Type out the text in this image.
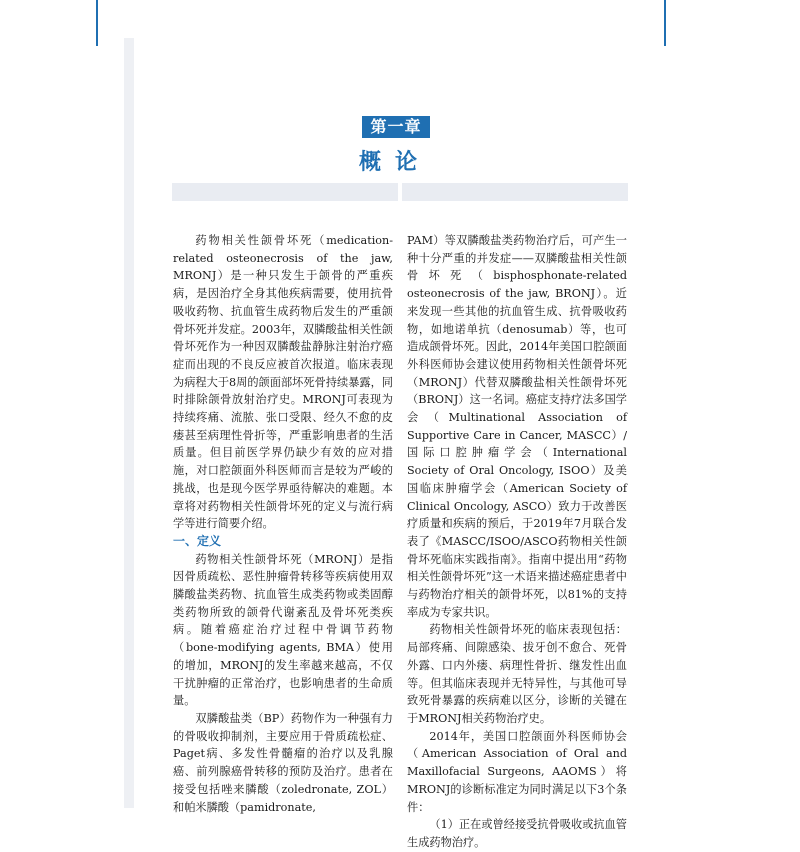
第一章
概论

药物相关性颌骨坏死（medication-related osteonecrosis of the jaw, MRONJ）是一种只发生于颌骨的严重疾病，是因治疗全身其他疾病需要，使用抗骨吸收药物、抗血管生成药物后发生的严重颌骨坏死并发症。2003年，双膦酸盐相关性颌骨坏死作为一种因双膦酸盐静脉注射治疗癌症而出现的不良反应被首次报道。临床表现为病程大于8周的颌面部坏死骨持续暴露，同时排除颌骨放射治疗史。MRONJ可表现为持续疼痛、流脓、张口受限、经久不愈的皮瘘甚至病理性骨折等，严重影响患者的生活质量。但目前医学界仍缺少有效的应对措施，对口腔颌面外科医师而言是较为严峻的挑战，也是现今医学界亟待解决的难题。本章将对药物相关性颌骨坏死的定义与流行病学等进行简要介绍。

一、定义

药物相关性颌骨坏死（MRONJ）是指因骨质疏松、恶性肿瘤骨转移等疾病使用双膦酸盐类药物、抗血管生成类药物或类固醇类药物所致的颌骨代谢紊乱及骨坏死类疾病。随着癌症治疗过程中骨调节药物（bone-modifying agents, BMA）使用的增加，MRONJ的发生率越来越高，不仅干扰肿瘤的正常治疗，也影响患者的生命质量。

双膦酸盐类（BP）药物作为一种强有力的骨吸收抑制剂，主要应用于骨质疏松症、Paget病、多发性骨髓瘤的治疗以及乳腺癌、前列腺癌骨转移的预防及治疗。患者在接受包括唑来膦酸（zoledronate, ZOL）和帕米膦酸（pamidronate,

PAM）等双膦酸盐类药物治疗后，可产生一种十分严重的并发症——双膦酸盐相关性颌骨坏死（bisphosphonate-related osteonecrosis of the jaw, BRONJ）。近来发现一些其他的抗血管生成、抗骨吸收药物，如地诺单抗（denosumab）等，也可造成颌骨坏死。因此，2014年美国口腔颌面外科医师协会建议使用药物相关性颌骨坏死（MRONJ）代替双膦酸盐相关性颌骨坏死（BRONJ）这一名词。癌症支持疗法多国学会（Multinational Association of Supportive Care in Cancer, MASCC）/国际口腔肿瘤学会（International Society of Oral Oncology, ISOO）及美国临床肿瘤学会（American Society of Clinical Oncology, ASCO）致力于改善医疗质量和疾病的预后，于2019年7月联合发表了《MASCC/ISOO/ASCO药物相关性颌骨坏死临床实践指南》。指南中提出用“药物相关性颌骨坏死”这一术语来描述癌症患者中与药物治疗相关的颌骨坏死，以81%的支持率成为专家共识。

药物相关性颌骨坏死的临床表现包括：局部疼痛、间隙感染、拔牙创不愈合、死骨外露、口内外瘘、病理性骨折、继发性出血等。但其临床表现并无特异性，与其他可导致死骨暴露的疾病难以区分，诊断的关键在于MRONJ相关药物治疗史。

2014年，美国口腔颌面外科医师协会（American Association of Oral and Maxillofacial Surgeons, AAOMS）将MRONJ的诊断标准定为同时满足以下3个条件：

（1）正在或曾经接受抗骨吸收或抗血管生成药物治疗。
